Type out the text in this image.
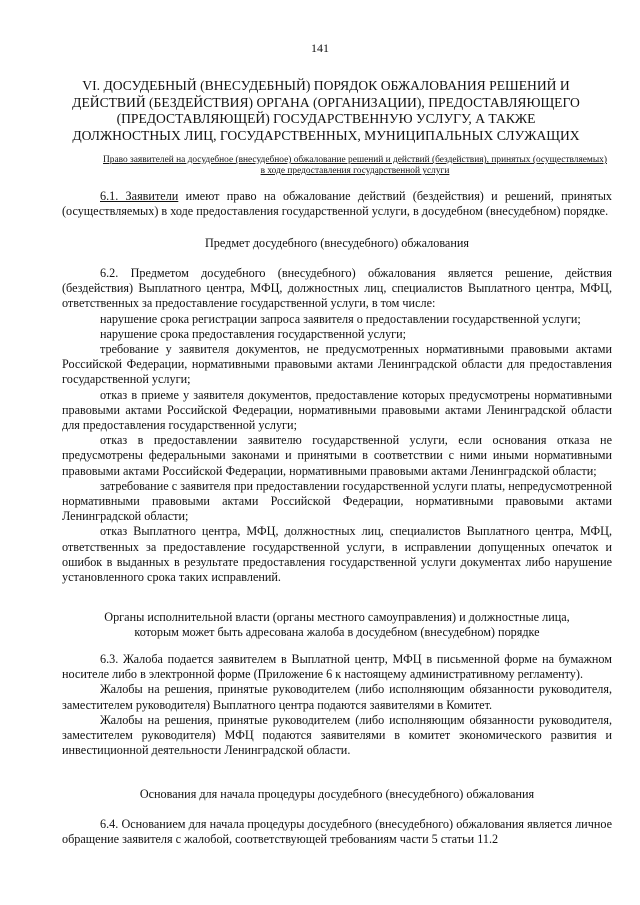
141
VI. ДОСУДЕБНЫЙ (ВНЕСУДЕБНЫЙ) ПОРЯДОК ОБЖАЛОВАНИЯ РЕШЕНИЙ И ДЕЙСТВИЙ (БЕЗДЕЙСТВИЯ) ОРГАНА (ОРГАНИЗАЦИИ), ПРЕДОСТАВЛЯЮЩЕГО (ПРЕДОСТАВЛЯЮЩЕЙ) ГОСУДАРСТВЕННУЮ УСЛУГУ, А ТАКЖЕ ДОЛЖНОСТНЫХ ЛИЦ, ГОСУДАРСТВЕННЫХ, МУНИЦИПАЛЬНЫХ СЛУЖАЩИХ
Право заявителей на досудебное (внесудебное) обжалование решений и действий (бездействия), принятых (осуществляемых) в ходе предоставления государственной услуги

6.1. Заявители имеют право на обжалование действий (бездействия) и решений, принятых (осуществляемых) в ходе предоставления государственной услуги, в досудебном (внесудебном) порядке.

Предмет досудебного (внесудебного) обжалования

6.2. Предметом досудебного (внесудебного) обжалования является решение, действия (бездействия) Выплатного центра, МФЦ, должностных лиц, специалистов Выплатного центра, МФЦ, ответственных за предоставление государственной услуги, в том числе:

нарушение срока регистрации запроса заявителя о предоставлении государственной услуги;

нарушение срока предоставления государственной услуги;

требование у заявителя документов, не предусмотренных нормативными правовыми актами Российской Федерации, нормативными правовыми актами Ленинградской области для предоставления государственной услуги;

отказ в приеме у заявителя документов, предоставление которых предусмотрены нормативными правовыми актами Российской Федерации, нормативными правовыми актами Ленинградской области для предоставления государственной услуги;

отказ в предоставлении заявителю государственной услуги, если основания отказа не предусмотрены федеральными законами и принятыми в соответствии с ними иными нормативными правовыми актами Российской Федерации, нормативными правовыми актами Ленинградской области;

затребование с заявителя при предоставлении государственной услуги платы, непредусмотренной нормативными правовыми актами Российской Федерации, нормативными правовыми актами Ленинградской области;

отказ Выплатного центра, МФЦ, должностных лиц, специалистов Выплатного центра, МФЦ, ответственных за предоставление государственной услуги, в исправлении допущенных опечаток и ошибок в выданных в результате предоставления государственной услуги документах либо нарушение установленного срока таких исправлений.

Органы исполнительной власти (органы местного самоуправления) и должностные лица, которым может быть адресована жалоба в досудебном (внесудебном) порядке

6.3. Жалоба подается заявителем в Выплатной центр, МФЦ в письменной форме на бумажном носителе либо в электронной форме (Приложение 6 к настоящему административному регламенту).

Жалобы на решения, принятые руководителем (либо исполняющим обязанности руководителя, заместителем руководителя) Выплатного центра подаются заявителями в Комитет.

Жалобы на решения, принятые руководителем (либо исполняющим обязанности руководителя, заместителем руководителя) МФЦ подаются заявителями в комитет экономического развития и инвестиционной деятельности Ленинградской области.

Основания для начала процедуры досудебного (внесудебного) обжалования

6.4. Основанием для начала процедуры досудебного (внесудебного) обжалования является личное обращение заявителя с жалобой, соответствующей требованиям части 5 статьи 11.2
